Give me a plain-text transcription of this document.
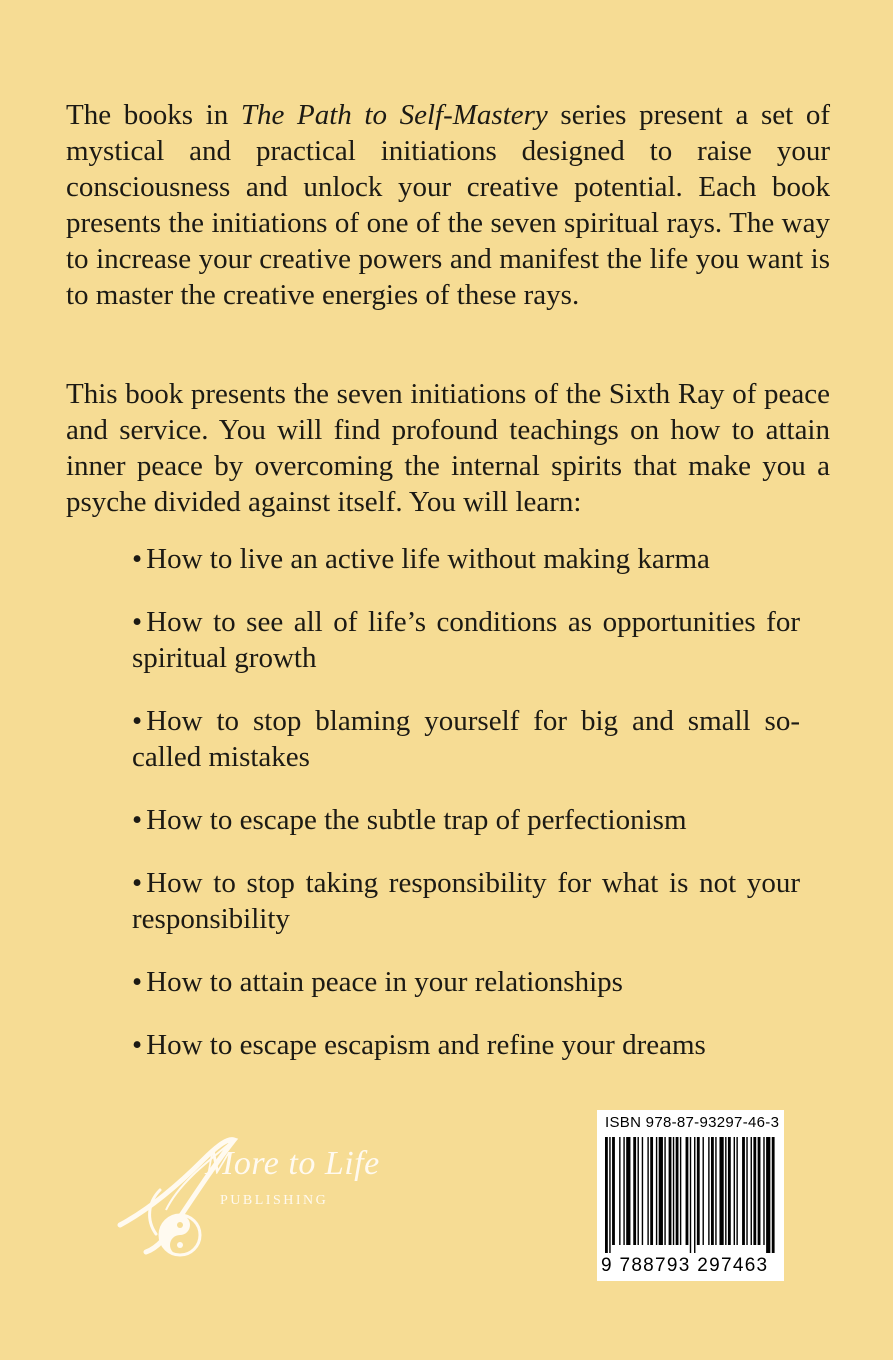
The books in The Path to Self-Mastery series present a set of mystical and practical initiations designed to raise your consciousness and unlock your creative potential. Each book presents the initiations of one of the seven spiritual rays. The way to increase your creative powers and manifest the life you want is to master the creative energies of these rays.

This book presents the seven initiations of the Sixth Ray of peace and service. You will find profound teachings on how to attain inner peace by overcoming the internal spirits that make you a psyche divided against itself. You will learn:

• How to live an active life without making karma
• How to see all of life’s conditions as opportunities for spiritual growth
• How to stop blaming yourself for big and small so-called mistakes
• How to escape the subtle trap of perfectionism
• How to stop taking responsibility for what is not your responsibility
• How to attain peace in your relationships
• How to escape escapism and refine your dreams
More to Life
PUBLISHING
ISBN 978-87-93297-46-3
9 788793 297463
